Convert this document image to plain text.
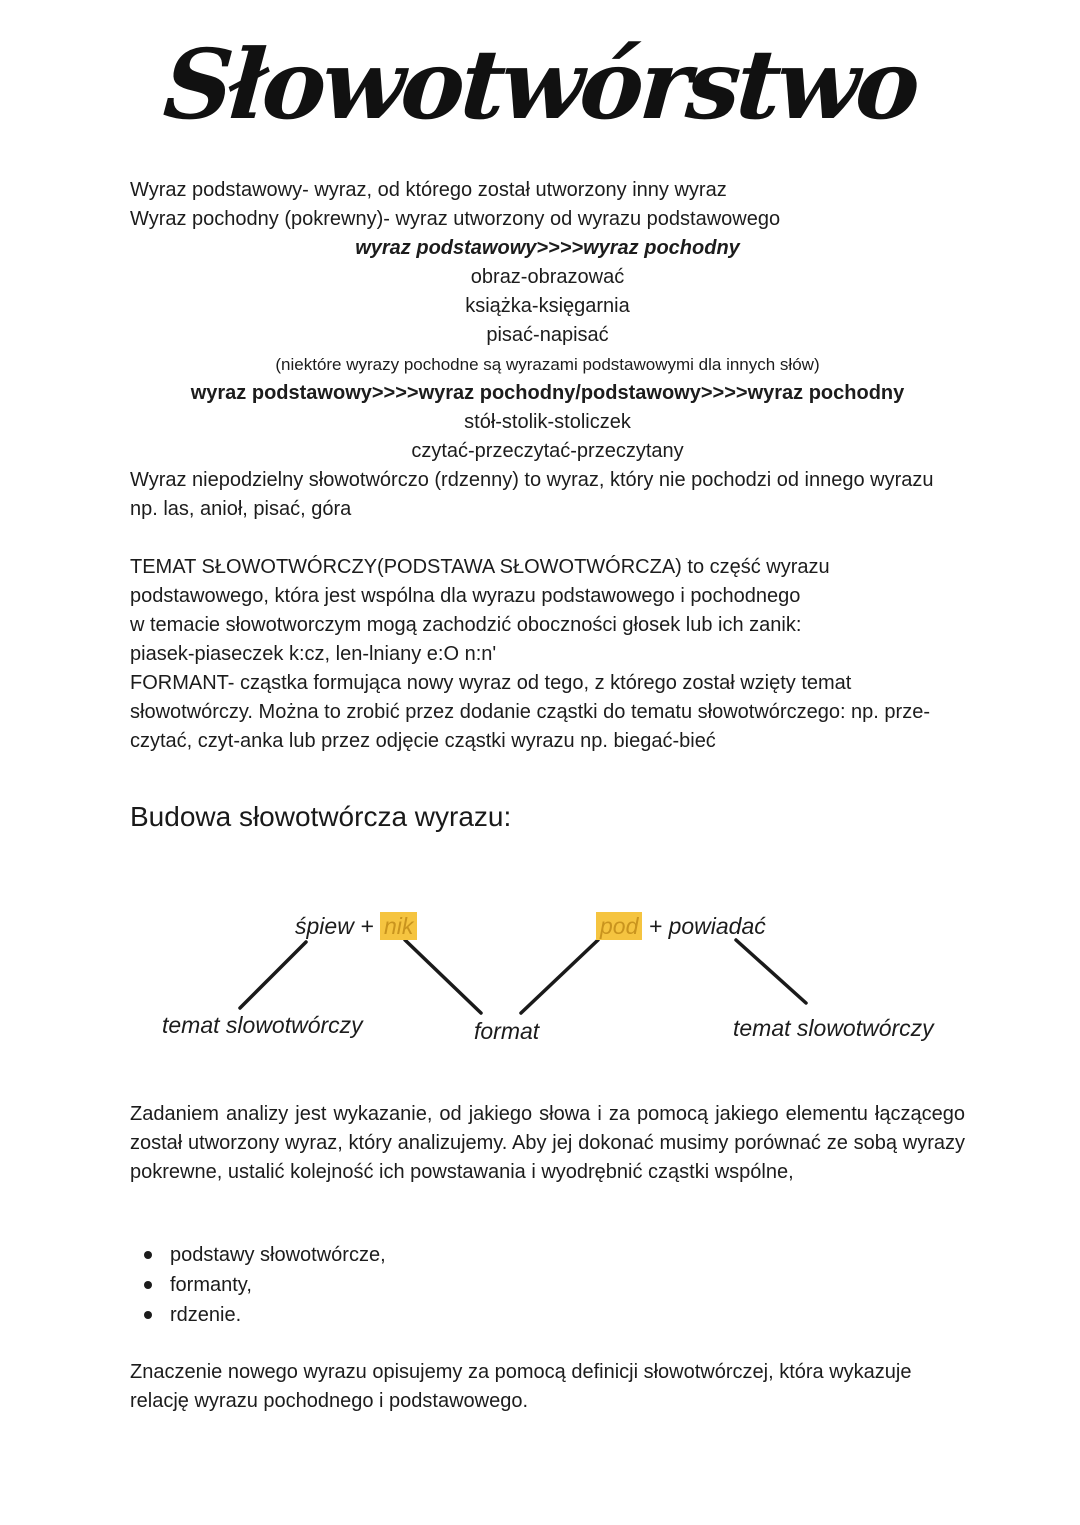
Słowotwórstwo
Wyraz podstawowy- wyraz, od którego został utworzony inny wyraz
Wyraz pochodny (pokrewny)- wyraz utworzony od wyrazu podstawowego
wyraz podstawowy>>>>wyraz pochodny
obraz-obrazować
książka-księgarnia
pisać-napisać
(niektóre wyrazy pochodne są wyrazami podstawowymi dla innych słów)
wyraz podstawowy>>>>wyraz pochodny/podstawowy>>>>wyraz pochodny
stół-stolik-stoliczek
czytać-przeczytać-przeczytany
Wyraz niepodzielny słowotwórczo (rdzenny) to wyraz, który nie pochodzi od innego wyrazu np. las, anioł, pisać, góra
TEMAT SŁOWOTWÓRCZY(PODSTAWA SŁOWOTWÓRCZA) to część wyrazu podstawowego, która jest wspólna dla wyrazu podstawowego i pochodnego
w temacie słowotworczym mogą zachodzić oboczności głosek lub ich zanik:
piasek-piaseczek k:cz, len-lniany e:O n:n'
FORMANT- cząstka formująca nowy wyraz od tego, z którego został wzięty temat słowotwórczy. Można to zrobić przez dodanie cząstki do tematu słowotwórczego: np. prze-czytać, czyt-anka lub przez odjęcie cząstki wyrazu np. biegać-bieć
Budowa słowotwórcza wyrazu:
śpiew + nik	pod + powiadać
temat slowotwórczy	format	temat slowotwórczy
Zadaniem analizy jest wykazanie, od jakiego słowa i za pomocą jakiego elementu łączącego został utworzony wyraz, który analizujemy. Aby jej dokonać musimy porównać ze sobą wyrazy pokrewne, ustalić kolejność ich powstawania i wyodrębnić cząstki wspólne,
podstawy słowotwórcze,
formanty,
rdzenie.
Znaczenie nowego wyrazu opisujemy za pomocą definicji słowotwórczej, która wykazuje relację wyrazu pochodnego i podstawowego.
